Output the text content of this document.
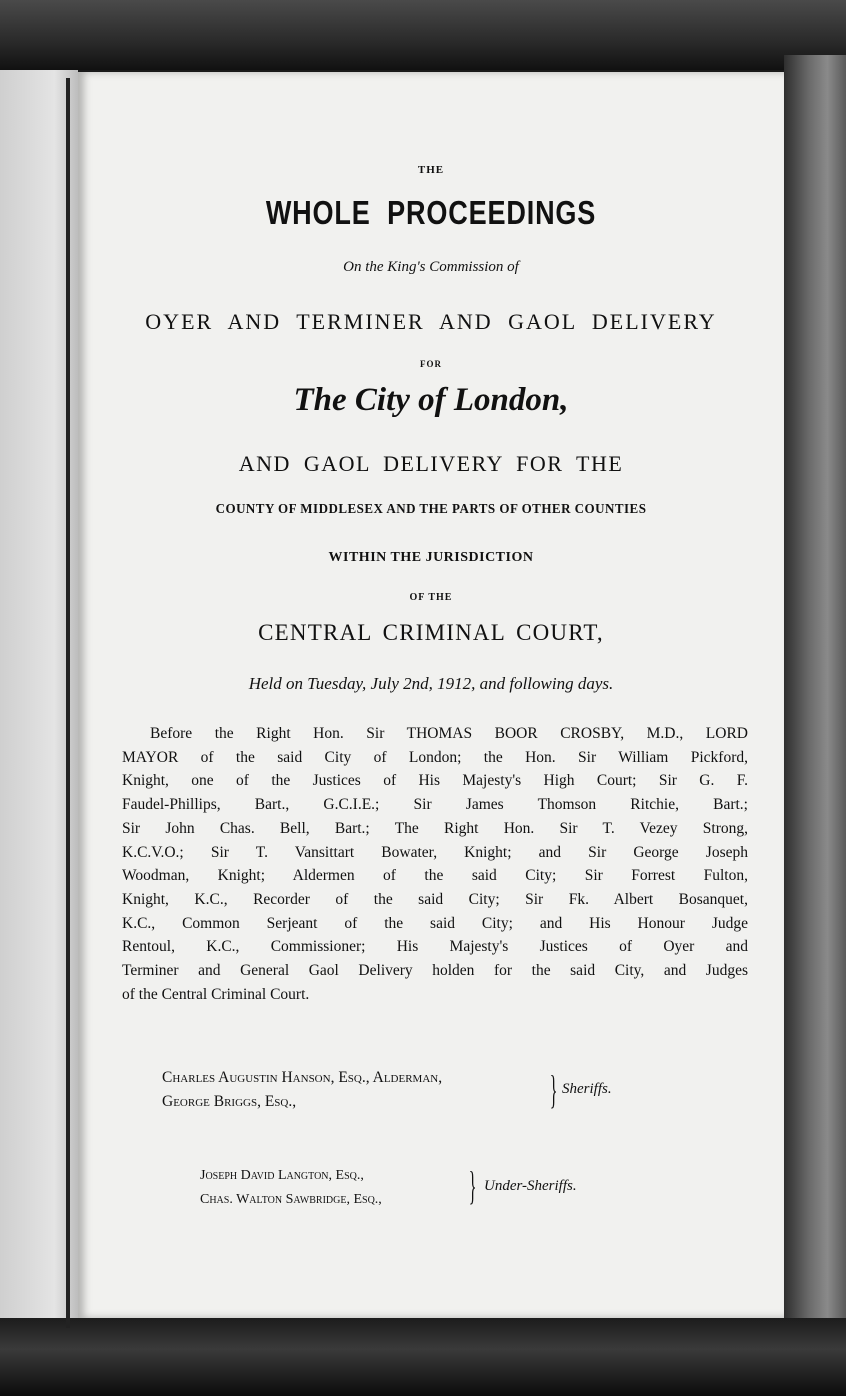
THE
WHOLE PROCEEDINGS
On the King's Commission of
OYER AND TERMINER AND GAOL DELIVERY
FOR
The City of London,
AND GAOL DELIVERY FOR THE
COUNTY OF MIDDLESEX AND THE PARTS OF OTHER COUNTIES
WITHIN THE JURISDICTION
OF THE
CENTRAL CRIMINAL COURT,
Held on Tuesday, July 2nd, 1912, and following days.

Before the Right Hon. Sir THOMAS BOOR CROSBY, M.D., LORD
MAYOR of the said City of London; the Hon. Sir William Pickford,
Knight, one of the Justices of His Majesty's High Court; Sir G. F.
Faudel-Phillips, Bart., G.C.I.E.; Sir James Thomson Ritchie, Bart.;
Sir John Chas. Bell, Bart.; The Right Hon. Sir T. Vezey Strong,
K.C.V.O.; Sir T. Vansittart Bowater, Knight; and Sir George Joseph
Woodman, Knight; Aldermen of the said City; Sir Forrest Fulton,
Knight, K.C., Recorder of the said City; Sir Fk. Albert Bosanquet,
K.C., Common Serjeant of the said City; and His Honour Judge
Rentoul, K.C., Commissioner; His Majesty's Justices of Oyer and
Terminer and General Gaol Delivery holden for the said City, and Judges
of the Central Criminal Court.

Charles Augustin Hanson, Esq., Alderman,
George Briggs, Esq.,	} Sheriffs.
Joseph David Langton, Esq.,
Chas. Walton Sawbridge, Esq., } Under-Sheriffs.
